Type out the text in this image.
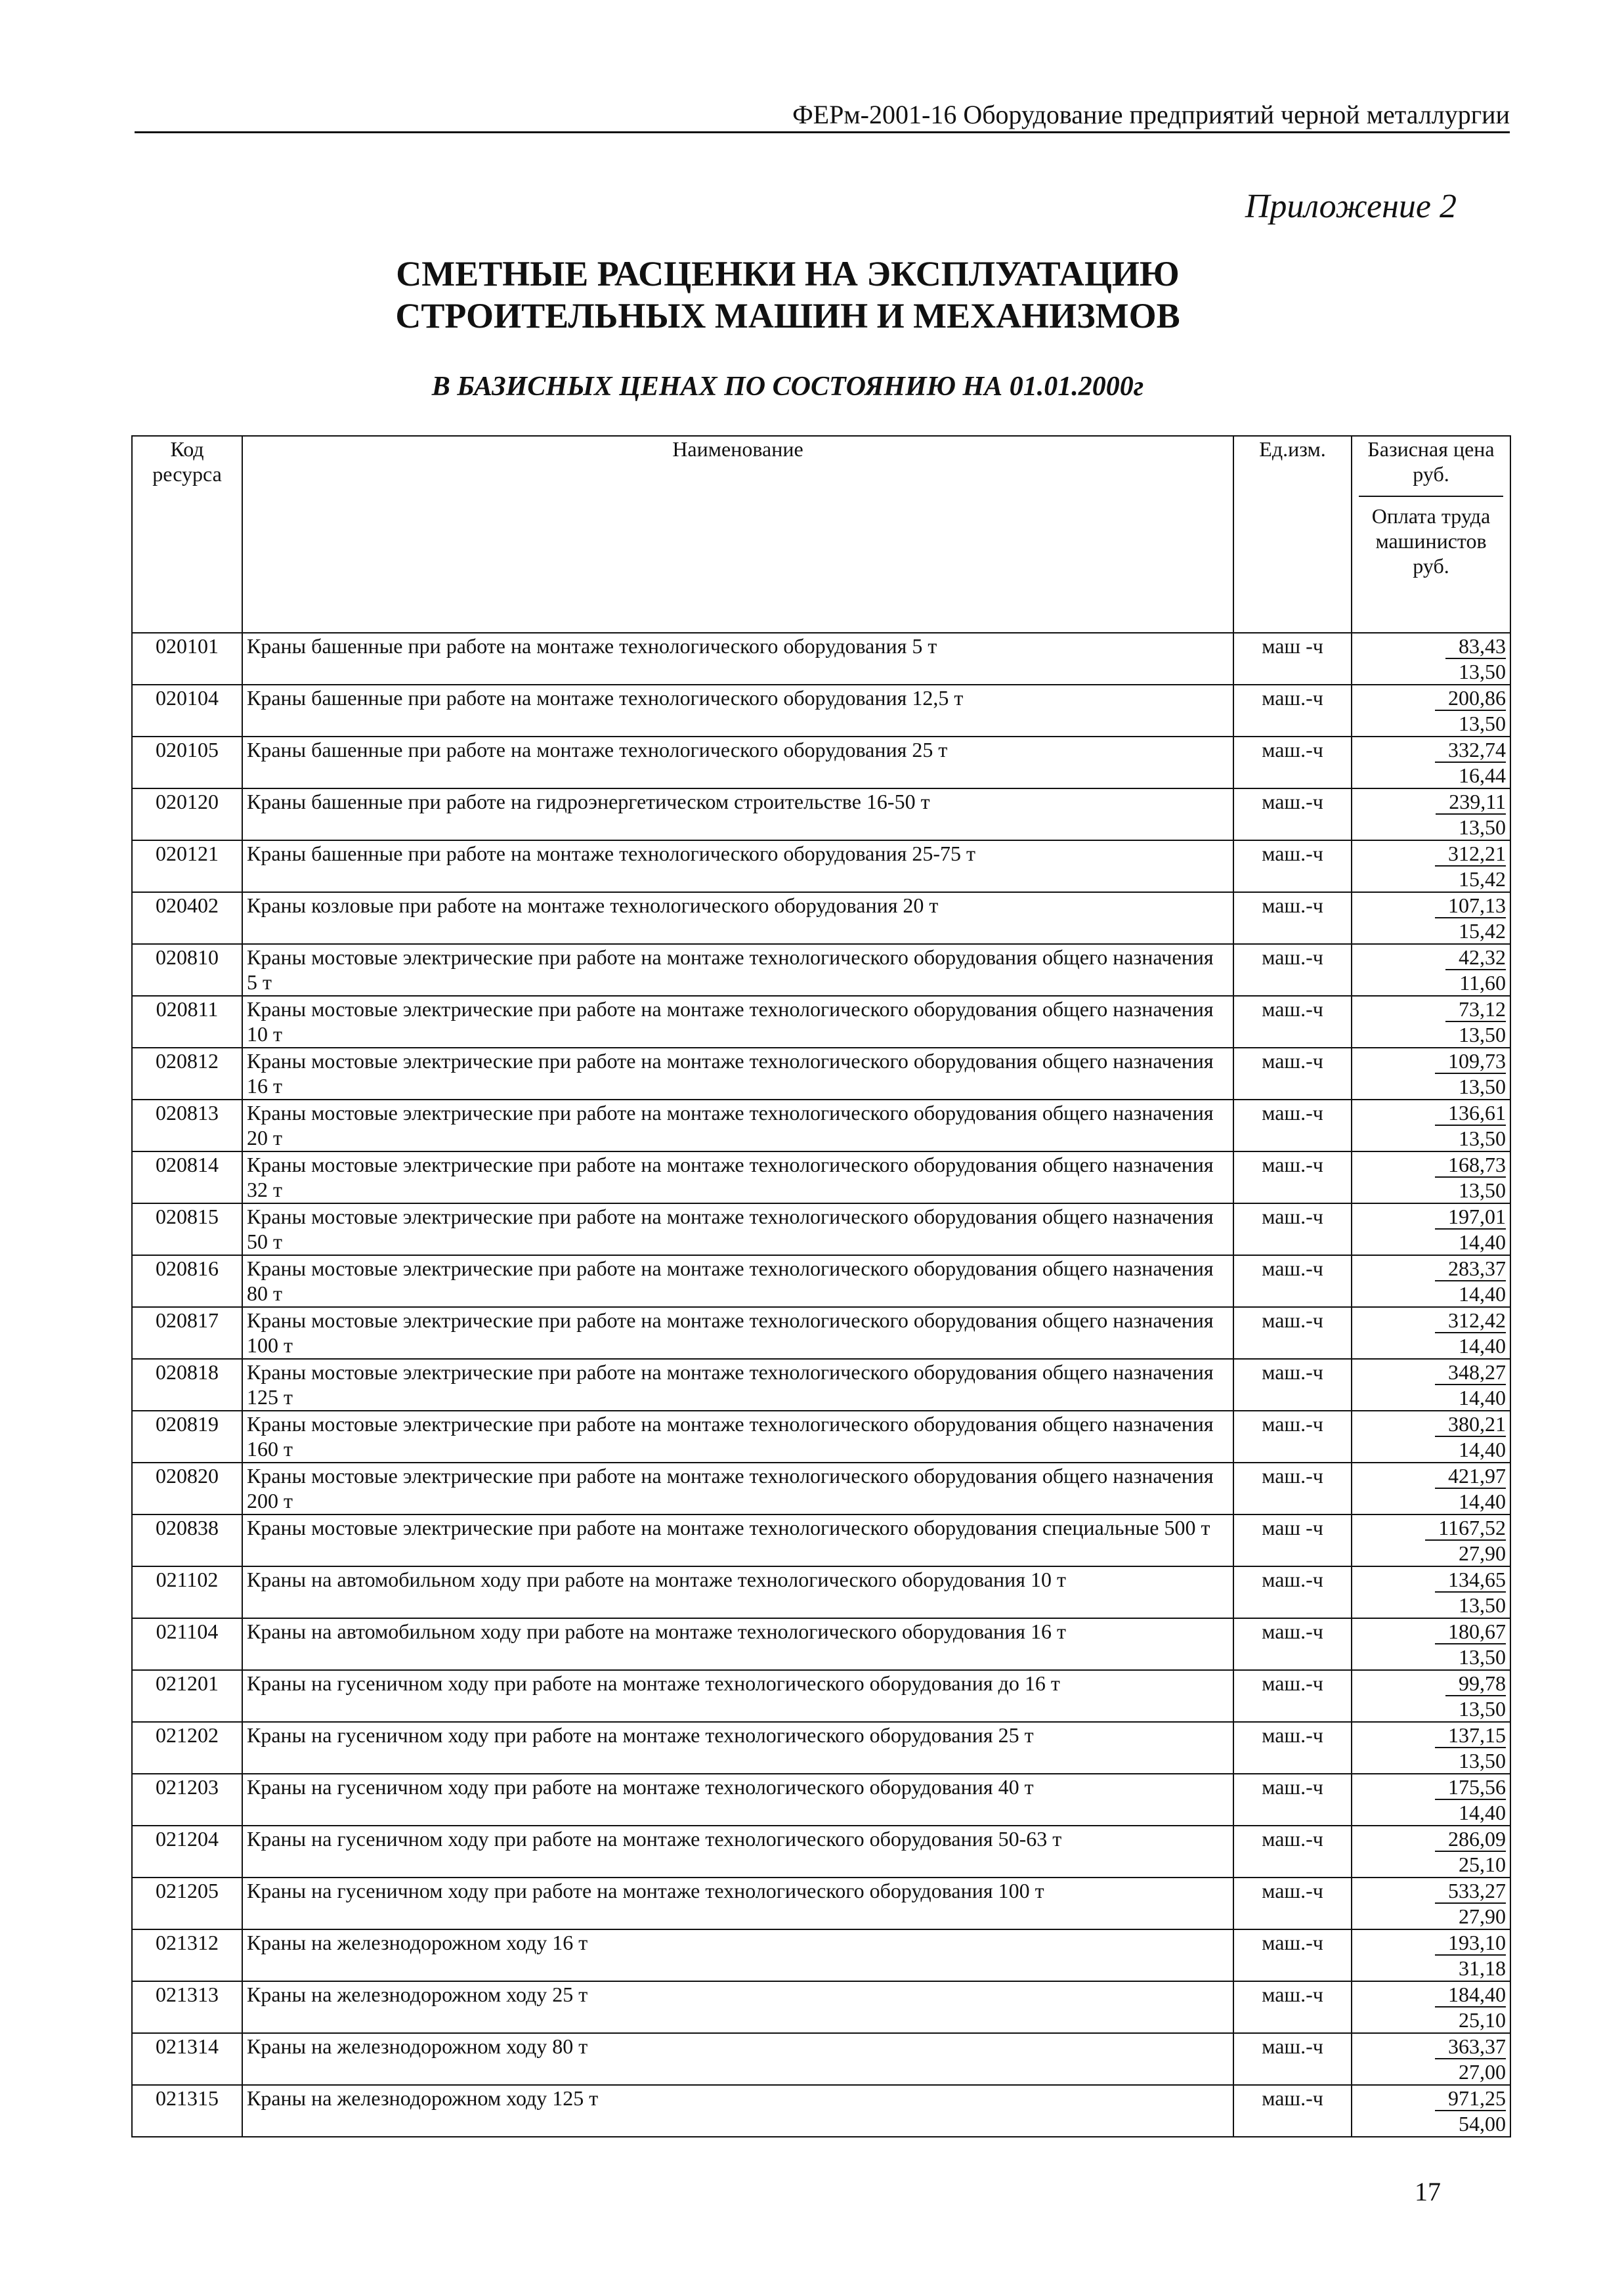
ФЕРм-2001-16 Оборудование предприятий черной металлургии
Приложение 2
СМЕТНЫЕ РАСЦЕНКИ НА ЭКСПЛУАТАЦИЮ
СТРОИТЕЛЬНЫХ МАШИН И МЕХАНИЗМОВ
В БАЗИСНЫХ ЦЕНАХ ПО СОСТОЯНИЮ НА 01.01.2000г
Код ресурса	Наименование	Ед.изм.	Базисная цена руб.
Оплата труда машинистов руб.

020101	Краны башенные при работе на монтаже технологического оборудования 5 т	маш -ч	83,43
13,50

020104	Краны башенные при работе на монтаже технологического оборудования 12,5 т	маш.-ч	200,86
13,50

020105	Краны башенные при работе на монтаже технологического оборудования 25 т	маш.-ч	332,74
16,44

020120	Краны башенные при работе на гидроэнергетическом строительстве 16-50 т	маш.-ч	239,11
13,50

020121	Краны башенные при работе на монтаже технологического оборудования 25-75 т	маш.-ч	312,21
15,42

020402	Краны козловые при работе на монтаже технологического оборудования 20 т	маш.-ч	107,13
15,42

020810	Краны мостовые электрические при работе на монтаже технологического оборудования общего назначения 5 т	маш.-ч	42,32
11,60

020811	Краны мостовые электрические при работе на монтаже технологического оборудования общего назначения 10 т	маш.-ч	73,12
13,50

020812	Краны мостовые электрические при работе на монтаже технологического оборудования общего назначения 16 т	маш.-ч	109,73
13,50

020813	Краны мостовые электрические при работе на монтаже технологического оборудования общего назначения 20 т	маш.-ч	136,61
13,50

020814	Краны мостовые электрические при работе на монтаже технологического оборудования общего назначения 32 т	маш.-ч	168,73
13,50

020815	Краны мостовые электрические при работе на монтаже технологического оборудования общего назначения 50 т	маш.-ч	197,01
14,40

020816	Краны мостовые электрические при работе на монтаже технологического оборудования общего назначения 80 т	маш.-ч	283,37
14,40

020817	Краны мостовые электрические при работе на монтаже технологического оборудования общего назначения 100 т	маш.-ч	312,42
14,40

020818	Краны мостовые электрические при работе на монтаже технологического оборудования общего назначения 125 т	маш.-ч	348,27
14,40

020819	Краны мостовые электрические при работе на монтаже технологического оборудования общего назначения 160 т	маш.-ч	380,21
14,40

020820	Краны мостовые электрические при работе на монтаже технологического оборудования общего назначения 200 т	маш.-ч	421,97
14,40

020838	Краны мостовые электрические при работе на монтаже технологического оборудования специальные 500 т	маш -ч	1167,52
27,90

021102	Краны на автомобильном ходу при работе на монтаже технологического оборудования 10 т	маш.-ч	134,65
13,50

021104	Краны на автомобильном ходу при работе на монтаже технологического оборудования 16 т	маш.-ч	180,67
13,50

021201	Краны на гусеничном ходу при работе на монтаже технологического оборудования до 16 т	маш.-ч	99,78
13,50

021202	Краны на гусеничном ходу при работе на монтаже технологического оборудования 25 т	маш.-ч	137,15
13,50

021203	Краны на гусеничном ходу при работе на монтаже технологического оборудования 40 т	маш.-ч	175,56
14,40

021204	Краны на гусеничном ходу при работе на монтаже технологического оборудования 50-63 т	маш.-ч	286,09
25,10

021205	Краны на гусеничном ходу при работе на монтаже технологического оборудования 100 т	маш.-ч	533,27
27,90

021312	Краны на железнодорожном ходу 16 т	маш.-ч	193,10
31,18

021313	Краны на железнодорожном ходу 25 т	маш.-ч	184,40
25,10

021314	Краны на железнодорожном ходу 80 т	маш.-ч	363,37
27,00

021315	Краны на железнодорожном ходу 125 т	маш.-ч	971,25
54,00
17
